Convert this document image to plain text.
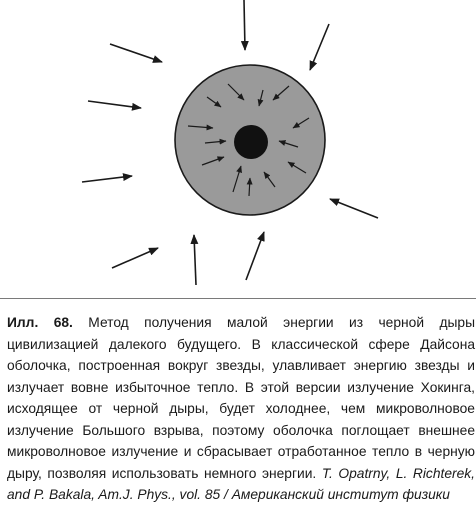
Илл. 68. Метод получения малой энергии из черной дыры цивилизацией далекого будущего. В классической сфере Дайсона оболочка, построенная вокруг звезды, улавливает энергию звезды и излучает вовне избыточное тепло. В этой версии излучение Хокинга, исходящее от черной дыры, будет холоднее, чем микроволновое излучение Большого взрыва, поэтому оболочка поглощает внешнее микроволновое излучение и сбрасывает отработанное тепло в черную дыру, позволяя использовать немного энергии. T. Opatrny, L. Richterek, and P. Bakala, Am.J. Phys., vol. 85 / Американский институт физики
